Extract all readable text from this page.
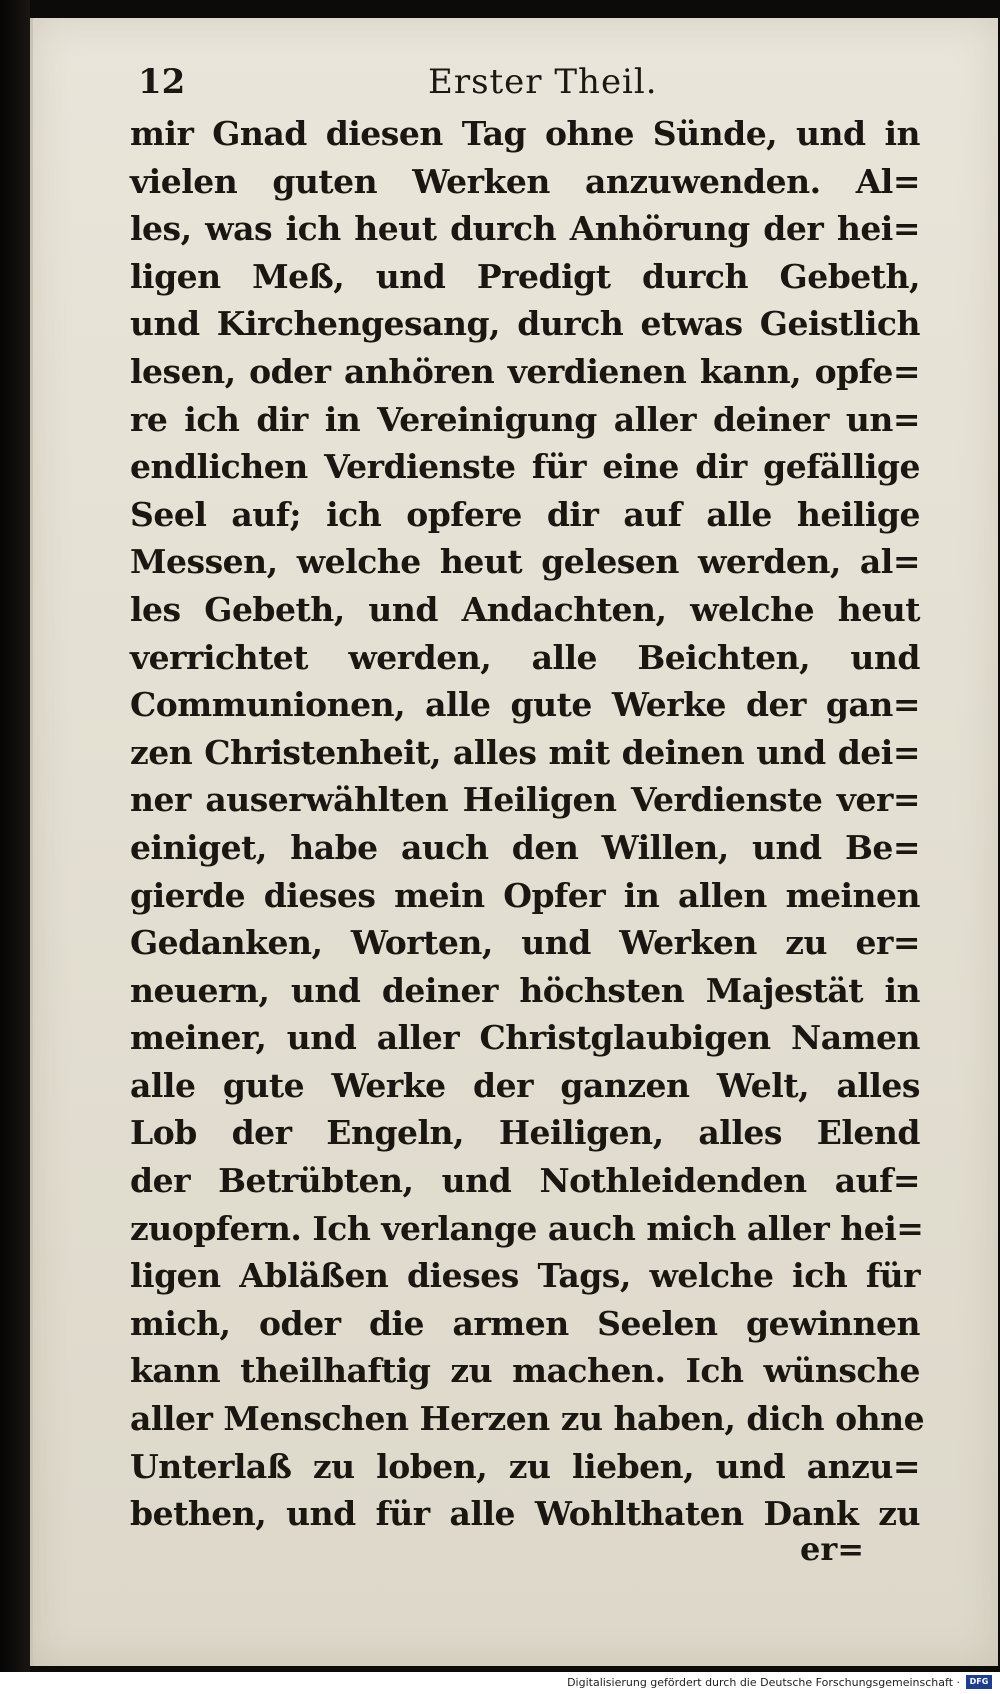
12	Erster Theil.
mir Gnad diesen Tag ohne Sünde, und in
vielen guten Werken anzuwenden. Al=
les, was ich heut durch Anhörung der hei=
ligen Meß, und Predigt durch Gebeth,
und Kirchengesang, durch etwas Geistlich
lesen, oder anhören verdienen kann, opfe=
re ich dir in Vereinigung aller deiner un=
endlichen Verdienste für eine dir gefällige
Seel auf; ich opfere dir auf alle heilige
Messen, welche heut gelesen werden, al=
les Gebeth, und Andachten, welche heut
verrichtet werden, alle Beichten, und
Communionen, alle gute Werke der gan=
zen Christenheit, alles mit deinen und dei=
ner auserwählten Heiligen Verdienste ver=
einiget, habe auch den Willen, und Be=
gierde dieses mein Opfer in allen meinen
Gedanken, Worten, und Werken zu er=
neuern, und deiner höchsten Majestät in
meiner, und aller Christglaubigen Namen
alle gute Werke der ganzen Welt, alles
Lob der Engeln, Heiligen, alles Elend
der Betrübten, und Nothleidenden auf=
zuopfern. Ich verlange auch mich aller hei=
ligen Abläßen dieses Tags, welche ich für
mich, oder die armen Seelen gewinnen
kann theilhaftig zu machen. Ich wünsche
aller Menschen Herzen zu haben, dich ohne
Unterlaß zu loben, zu lieben, und anzu=
bethen, und für alle Wohlthaten Dank zu
er=
Digitalisierung gefördert durch die Deutsche Forschungsgemeinschaft ·	DFG
